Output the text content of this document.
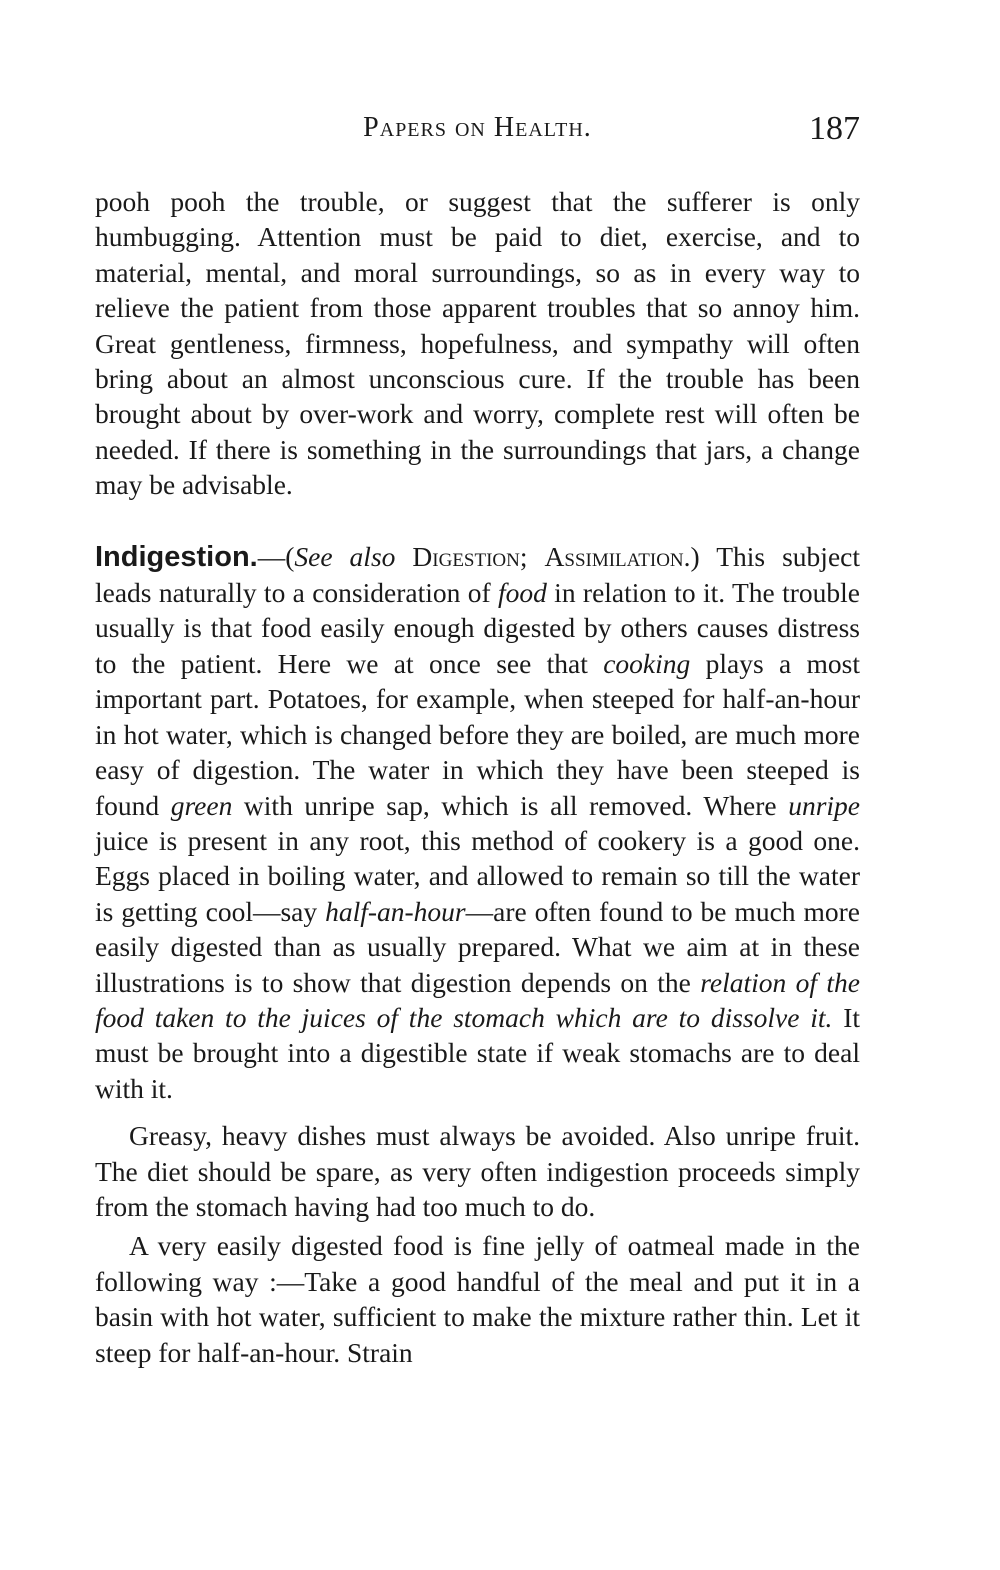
Papers on Health.	187

pooh pooh the trouble, or suggest that the sufferer is only humbugging. Attention must be paid to diet, exercise, and to material, mental, and moral surroundings, so as in every way to relieve the patient from those apparent troubles that so annoy him. Great gentleness, firmness, hopefulness, and sympathy will often bring about an almost unconscious cure. If the trouble has been brought about by over-work and worry, complete rest will often be needed. If there is something in the surroundings that jars, a change may be advisable.

Indigestion.—(See also Digestion; Assimilation.) This subject leads naturally to a consideration of food in relation to it. The trouble usually is that food easily enough digested by others causes distress to the patient. Here we at once see that cooking plays a most important part. Potatoes, for example, when steeped for half-an-hour in hot water, which is changed before they are boiled, are much more easy of digestion. The water in which they have been steeped is found green with unripe sap, which is all removed. Where unripe juice is present in any root, this method of cookery is a good one. Eggs placed in boiling water, and allowed to remain so till the water is getting cool—say half-an-hour—are often found to be much more easily digested than as usually prepared. What we aim at in these illustrations is to show that digestion depends on the relation of the food taken to the juices of the stomach which are to dissolve it. It must be brought into a digestible state if weak stomachs are to deal with it.

Greasy, heavy dishes must always be avoided. Also unripe fruit. The diet should be spare, as very often indigestion proceeds simply from the stomach having had too much to do.

A very easily digested food is fine jelly of oatmeal made in the following way :—Take a good handful of the meal and put it in a basin with hot water, sufficient to make the mixture rather thin. Let it steep for half-an-hour. Strain
